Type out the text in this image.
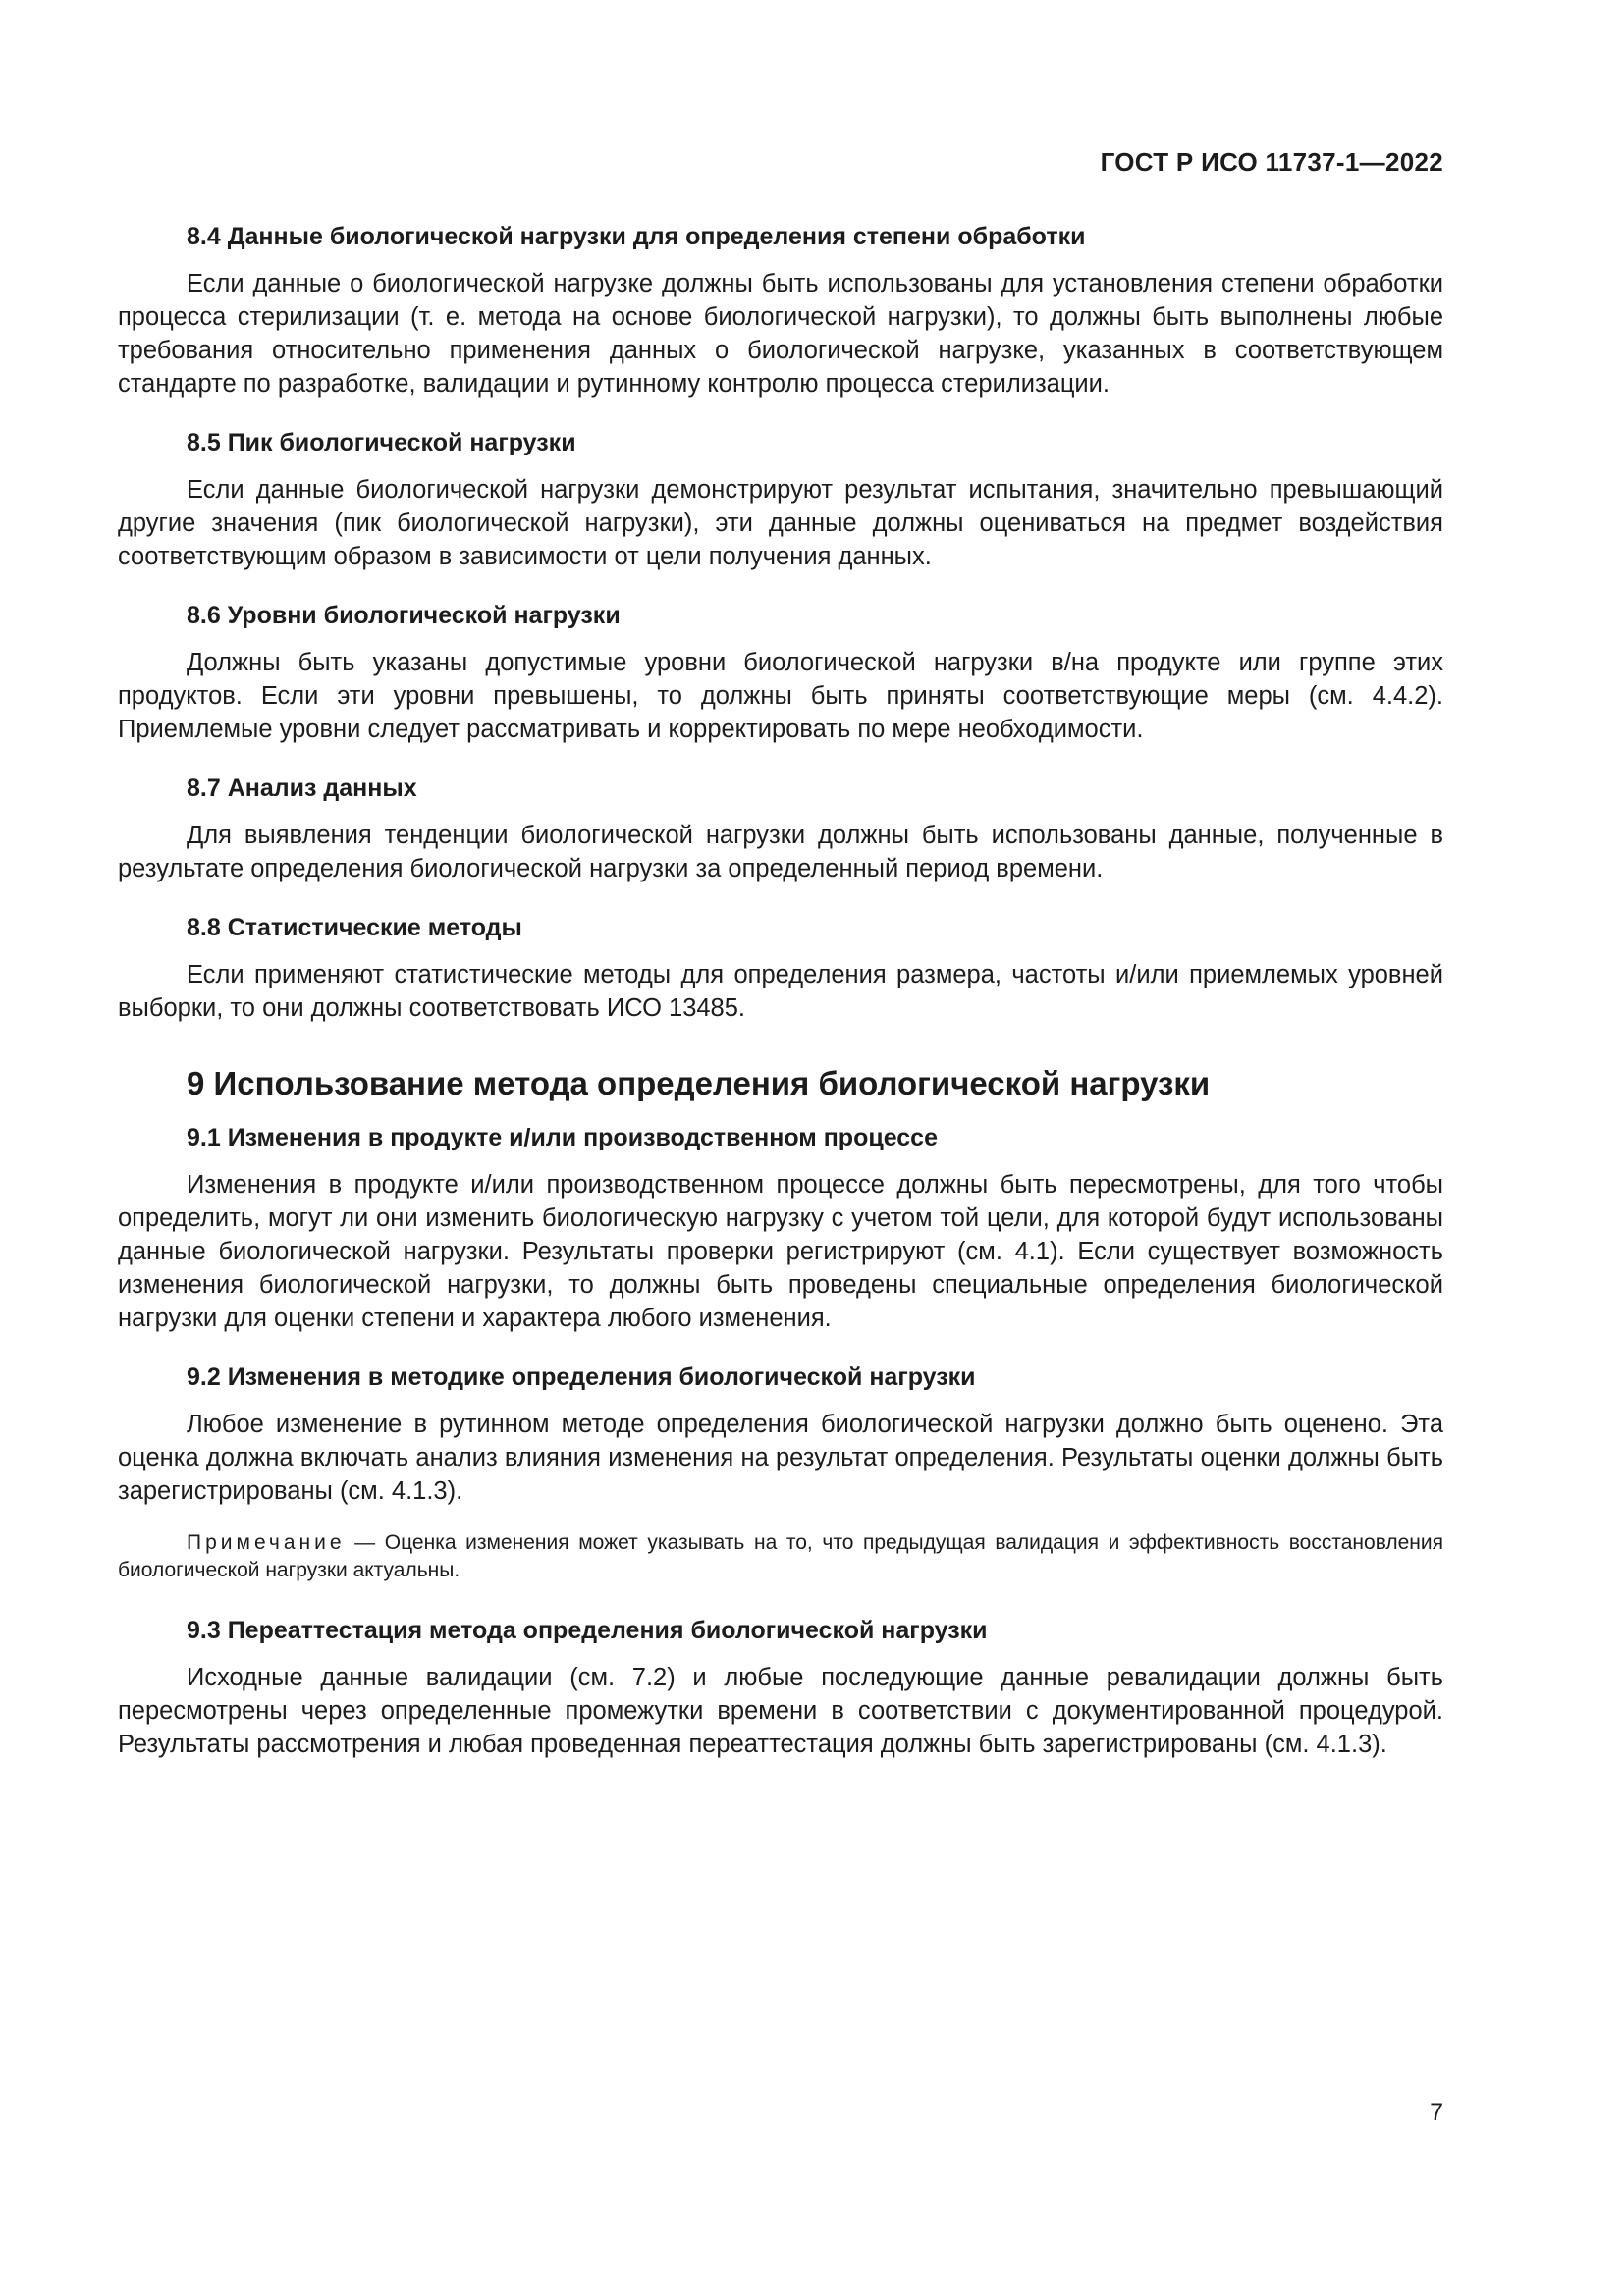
ГОСТ Р ИСО 11737-1—2022
8.4 Данные биологической нагрузки для определения степени обработки

Если данные о биологической нагрузке должны быть использованы для установления степени обработки процесса стерилизации (т. е. метода на основе биологической нагрузки), то должны быть выполнены любые требования относительно применения данных о биологической нагрузке, указанных в соответствующем стандарте по разработке, валидации и рутинному контролю процесса стерилизации.

8.5 Пик биологической нагрузки

Если данные биологической нагрузки демонстрируют результат испытания, значительно превышающий другие значения (пик биологической нагрузки), эти данные должны оцениваться на предмет воздействия соответствующим образом в зависимости от цели получения данных.

8.6 Уровни биологической нагрузки

Должны быть указаны допустимые уровни биологической нагрузки в/на продукте или группе этих продуктов. Если эти уровни превышены, то должны быть приняты соответствующие меры (см. 4.4.2). Приемлемые уровни следует рассматривать и корректировать по мере необходимости.

8.7 Анализ данных

Для выявления тенденции биологической нагрузки должны быть использованы данные, полученные в результате определения биологической нагрузки за определенный период времени.

8.8 Статистические методы

Если применяют статистические методы для определения размера, частоты и/или приемлемых уровней выборки, то они должны соответствовать ИСО 13485.

9 Использование метода определения биологической нагрузки
9.1 Изменения в продукте и/или производственном процессе

Изменения в продукте и/или производственном процессе должны быть пересмотрены, для того чтобы определить, могут ли они изменить биологическую нагрузку с учетом той цели, для которой будут использованы данные биологической нагрузки. Результаты проверки регистрируют (см. 4.1). Если существует возможность изменения биологической нагрузки, то должны быть проведены специальные определения биологической нагрузки для оценки степени и характера любого изменения.

9.2 Изменения в методике определения биологической нагрузки

Любое изменение в рутинном методе определения биологической нагрузки должно быть оценено. Эта оценка должна включать анализ влияния изменения на результат определения. Результаты оценки должны быть зарегистрированы (см. 4.1.3).

Примечание — Оценка изменения может указывать на то, что предыдущая валидация и эффективность восстановления биологической нагрузки актуальны.

9.3 Переаттестация метода определения биологической нагрузки

Исходные данные валидации (см. 7.2) и любые последующие данные ревалидации должны быть пересмотрены через определенные промежутки времени в соответствии с документированной процедурой. Результаты рассмотрения и любая проведенная переаттестация должны быть зарегистрированы (см. 4.1.3).

7
